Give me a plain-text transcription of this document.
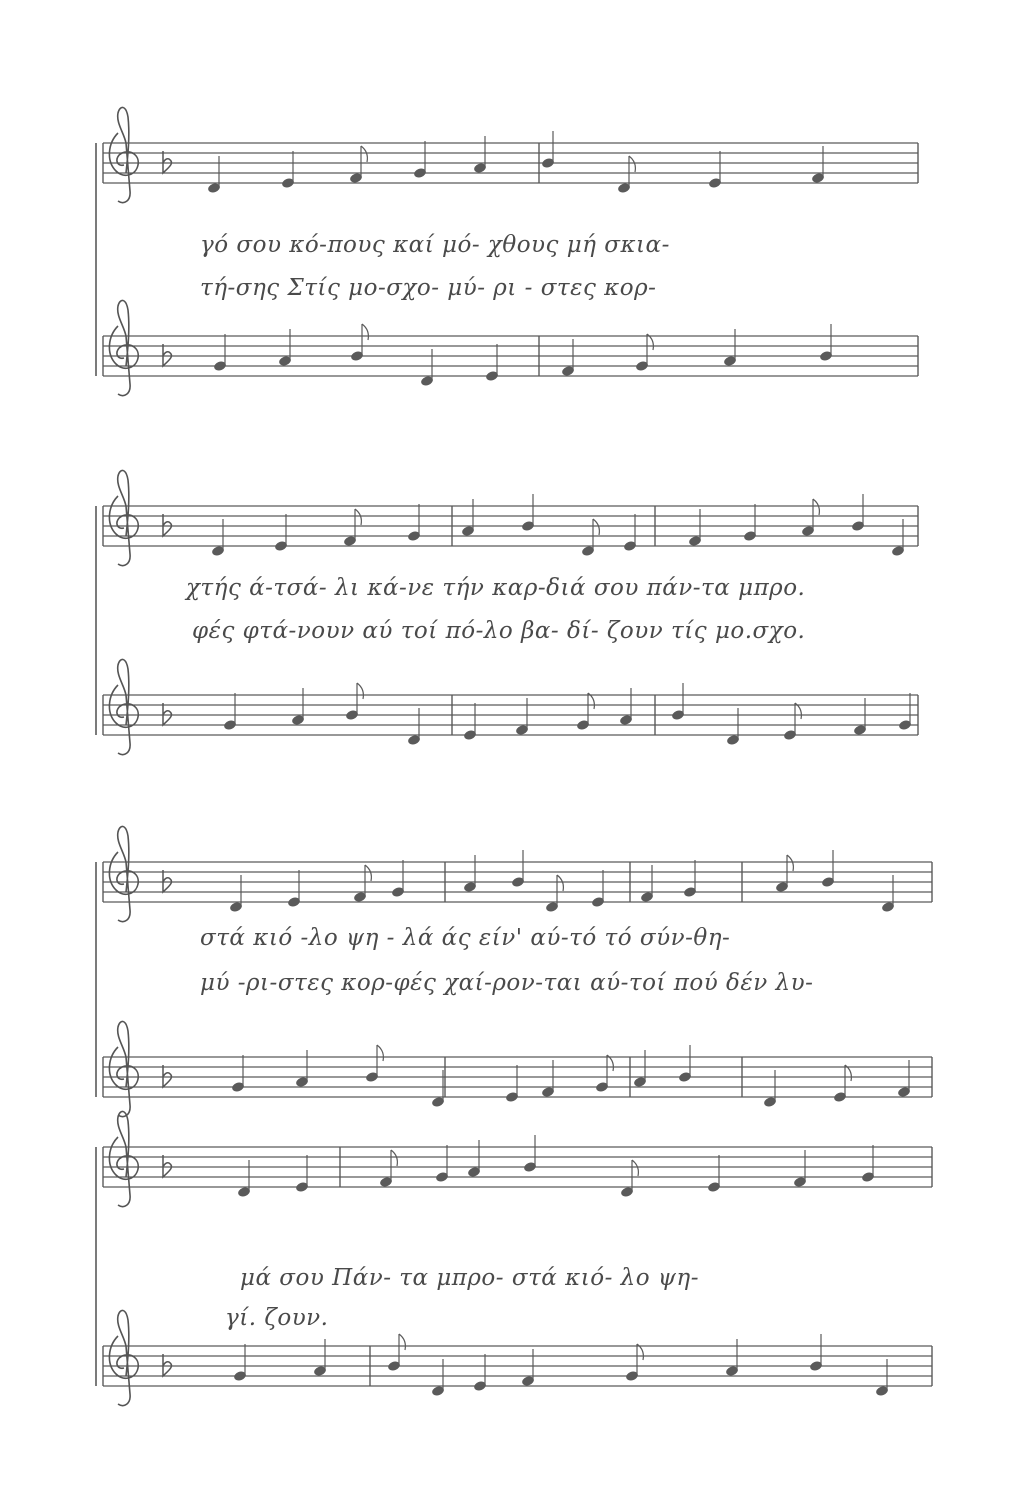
γό σου κό-πους καί μό- χθους μή σκια-
τή-σης Στίς μο-σχο- μύ- ρι - στες κορ-
χτής ά-τσά- λι κά-νε τήν καρ-διά σου πάν-τα μπρο.
φές φτά-νουν αύ τοί πό-λο βα- δί- ζουν τίς μο.σχο.
στά κιό -λο ψη - λά άς είν' αύ-τό τό σύν-θη-
μύ -ρι-στες κορ-φές χαί-ρον-ται αύ-τοί πού δέν λυ-
μά σου Πάν- τα μπρο- στά κιό- λο ψη-
γί. ζουν.
